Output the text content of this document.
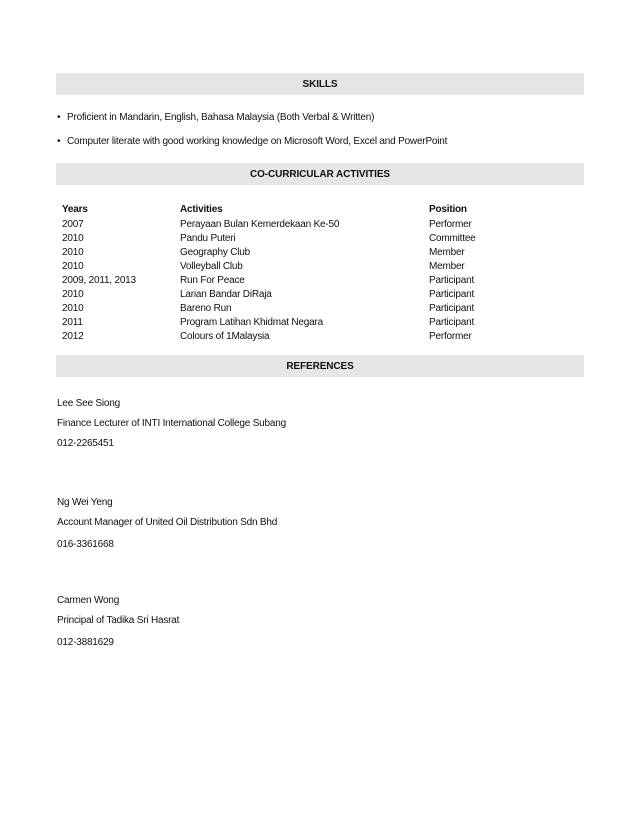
SKILLS
• Proficient in Mandarin, English, Bahasa Malaysia (Both Verbal & Written)
• Computer literate with good working knowledge on Microsoft Word, Excel and PowerPoint
CO-CURRICULAR ACTIVITIES
Years	Activities	Position
2007	Perayaan Bulan Kemerdekaan Ke-50	Performer
2010	Pandu Puteri	Committee
2010	Geography Club	Member
2010	Volleyball Club	Member
2009, 2011, 2013	Run For Peace	Participant
2010	Larian Bandar DiRaja	Participant
2010	Bareno Run	Participant
2011	Program Latihan Khidmat Negara	Participant
2012	Colours of 1Malaysia	Performer
REFERENCES
Lee See Siong
Finance Lecturer of INTI International College Subang
012-2265451
Ng Wei Yeng
Account Manager of United Oil Distribution Sdn Bhd
016-3361668
Carmen Wong
Principal of Tadika Sri Hasrat
012-3881629
